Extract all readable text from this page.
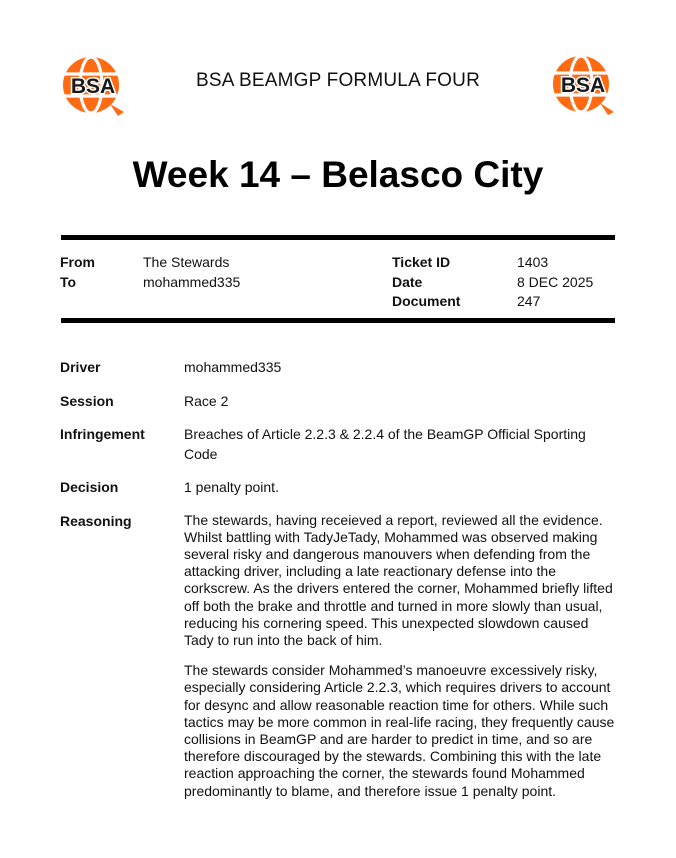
BSA	BSA
BSA BEAMGP FORMULA FOUR
Week 14 – Belasco City
From	The Stewards
To	mohammed335
Ticket ID	1403
Date	8 DEC 2025
Document	247
Driver	mohammed335
Session	Race 2
Infringement	Breaches of Article 2.2.3 & 2.2.4 of the BeamGP Official Sporting Code
Decision	1 penalty point.
Reasoning	The stewards, having receieved a report, reviewed all the evidence. Whilst battling with TadyJeTady, Mohammed was observed making several risky and dangerous manouvers when defending from the attacking driver, including a late reactionary defense into the corkscrew. As the drivers entered the corner, Mohammed briefly lifted off both the brake and throttle and turned in more slowly than usual, reducing his cornering speed. This unexpected slowdown caused Tady to run into the back of him.

The stewards consider Mohammed’s manoeuvre excessively risky, especially considering Article 2.2.3, which requires drivers to account for desync and allow reasonable reaction time for others. While such tactics may be more common in real-life racing, they frequently cause collisions in BeamGP and are harder to predict in time, and so are therefore discouraged by the stewards. Combining this with the late reaction approaching the corner, the stewards found Mohammed predominantly to blame, and therefore issue 1 penalty point.
